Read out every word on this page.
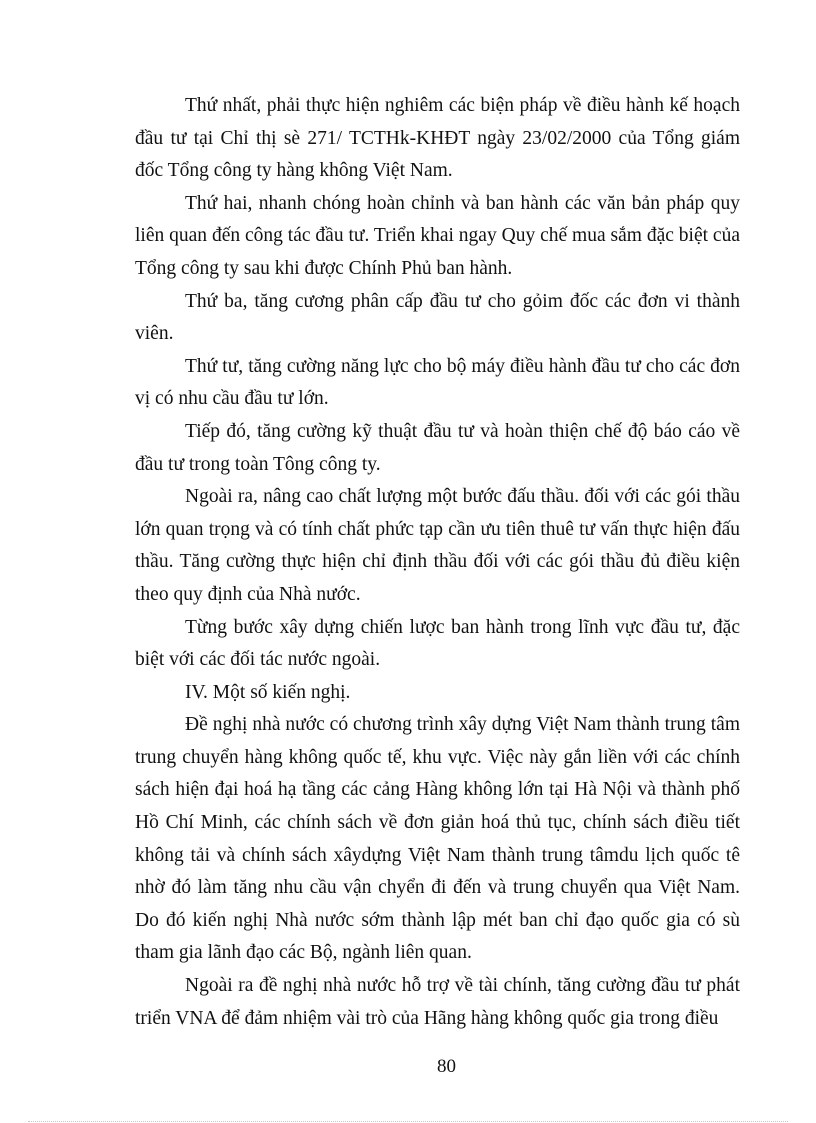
Thứ nhất, phải thực hiện nghiêm các biện pháp về điều hành kế hoạch đầu tư tại Chỉ thị sè 271/ TCTHk-KHĐT ngày 23/02/2000 của Tổng giám đốc Tổng công ty hàng không Việt Nam.

Thứ hai, nhanh chóng hoàn chỉnh và ban hành các văn bản pháp quy liên quan đến công tác đầu tư. Triển khai ngay Quy chế mua sắm đặc biệt của Tổng công ty sau khi được Chính Phủ ban hành.

Thứ ba, tăng cương phân cấp đầu tư cho gỏim đốc các đơn vi thành viên.

Thứ tư, tăng cường năng lực cho bộ máy điều hành đầu tư cho các đơn vị có nhu cầu đầu tư lớn.

Tiếp đó, tăng cường kỹ thuật đầu tư và hoàn thiện chế độ báo cáo về đầu tư trong toàn Tông công ty.

Ngoài ra, nâng cao chất lượng một bước đấu thầu. đối với các gói thầu lớn quan trọng và có tính chất phức tạp cần ưu tiên thuê tư vấn thực hiện đấu thầu. Tăng cường thực hiện chỉ định thầu đối với các gói thầu đủ điều kiện theo quy định của Nhà nước.

Từng bước xây dựng chiến lược ban hành trong lĩnh vực đầu tư, đặc biệt với các đối tác nước ngoài.

IV. Một số kiến nghị.

Đề nghị nhà nước có chương trình xây dựng Việt Nam thành trung tâm trung chuyển hàng không quốc tế, khu vực. Việc này gắn liền với các chính sách hiện đại hoá hạ tầng các cảng Hàng không lớn tại Hà Nội và thành phố Hồ Chí Minh, các chính sách về đơn giản hoá thủ tục, chính sách điều tiết không tải và chính sách xâydựng Việt Nam thành trung tâmdu lịch quốc tê nhờ đó làm tăng nhu cầu vận chyển đi đến và trung chuyển qua Việt Nam. Do đó kiến nghị Nhà nước sớm thành lập mét ban chỉ đạo quốc gia có sù tham gia lãnh đạo các Bộ, ngành liên quan.

Ngoài ra đề nghị nhà nước hỗ trợ về tài chính, tăng cường đầu tư phát triển VNA để đảm nhiệm vài trò của Hãng hàng không quốc gia trong điều

80
